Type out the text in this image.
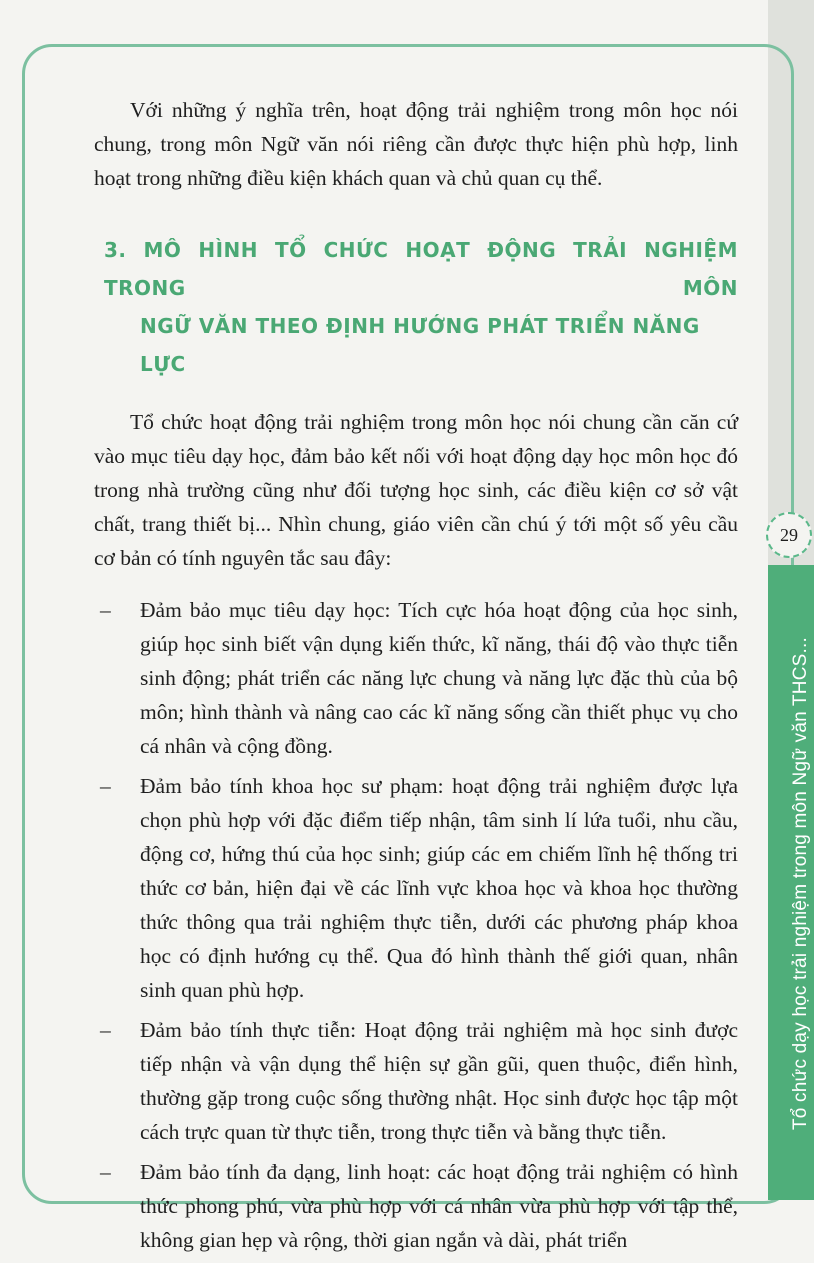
Với những ý nghĩa trên, hoạt động trải nghiệm trong môn học nói chung, trong môn Ngữ văn nói riêng cần được thực hiện phù hợp, linh hoạt trong những điều kiện khách quan và chủ quan cụ thể.

3. MÔ HÌNH TỔ CHỨC HOẠT ĐỘNG TRẢI NGHIỆM TRONG MÔN
NGỮ VĂN THEO ĐỊNH HƯỚNG PHÁT TRIỂN NĂNG LỰC

Tổ chức hoạt động trải nghiệm trong môn học nói chung cần căn cứ vào mục tiêu dạy học, đảm bảo kết nối với hoạt động dạy học môn học đó trong nhà trường cũng như đối tượng học sinh, các điều kiện cơ sở vật chất, trang thiết bị... Nhìn chung, giáo viên cần chú ý tới một số yêu cầu cơ bản có tính nguyên tắc sau đây:

– Đảm bảo mục tiêu dạy học: Tích cực hóa hoạt động của học sinh, giúp học sinh biết vận dụng kiến thức, kĩ năng, thái độ vào thực tiễn sinh động; phát triển các năng lực chung và năng lực đặc thù của bộ môn; hình thành và nâng cao các kĩ năng sống cần thiết phục vụ cho cá nhân và cộng đồng.
– Đảm bảo tính khoa học sư phạm: hoạt động trải nghiệm được lựa chọn phù hợp với đặc điểm tiếp nhận, tâm sinh lí lứa tuổi, nhu cầu, động cơ, hứng thú của học sinh; giúp các em chiếm lĩnh hệ thống tri thức cơ bản, hiện đại về các lĩnh vực khoa học và khoa học thường thức thông qua trải nghiệm thực tiễn, dưới các phương pháp khoa học có định hướng cụ thể. Qua đó hình thành thế giới quan, nhân sinh quan phù hợp.
– Đảm bảo tính thực tiễn: Hoạt động trải nghiệm mà học sinh được tiếp nhận và vận dụng thể hiện sự gần gũi, quen thuộc, điển hình, thường gặp trong cuộc sống thường nhật. Học sinh được học tập một cách trực quan từ thực tiễn, trong thực tiễn và bằng thực tiễn.
– Đảm bảo tính đa dạng, linh hoạt: các hoạt động trải nghiệm có hình thức phong phú, vừa phù hợp với cá nhân vừa phù hợp với tập thể, không gian hẹp và rộng, thời gian ngắn và dài, phát triển
Tổ chức dạy học trải nghiệm trong môn Ngữ văn THCS...
29
